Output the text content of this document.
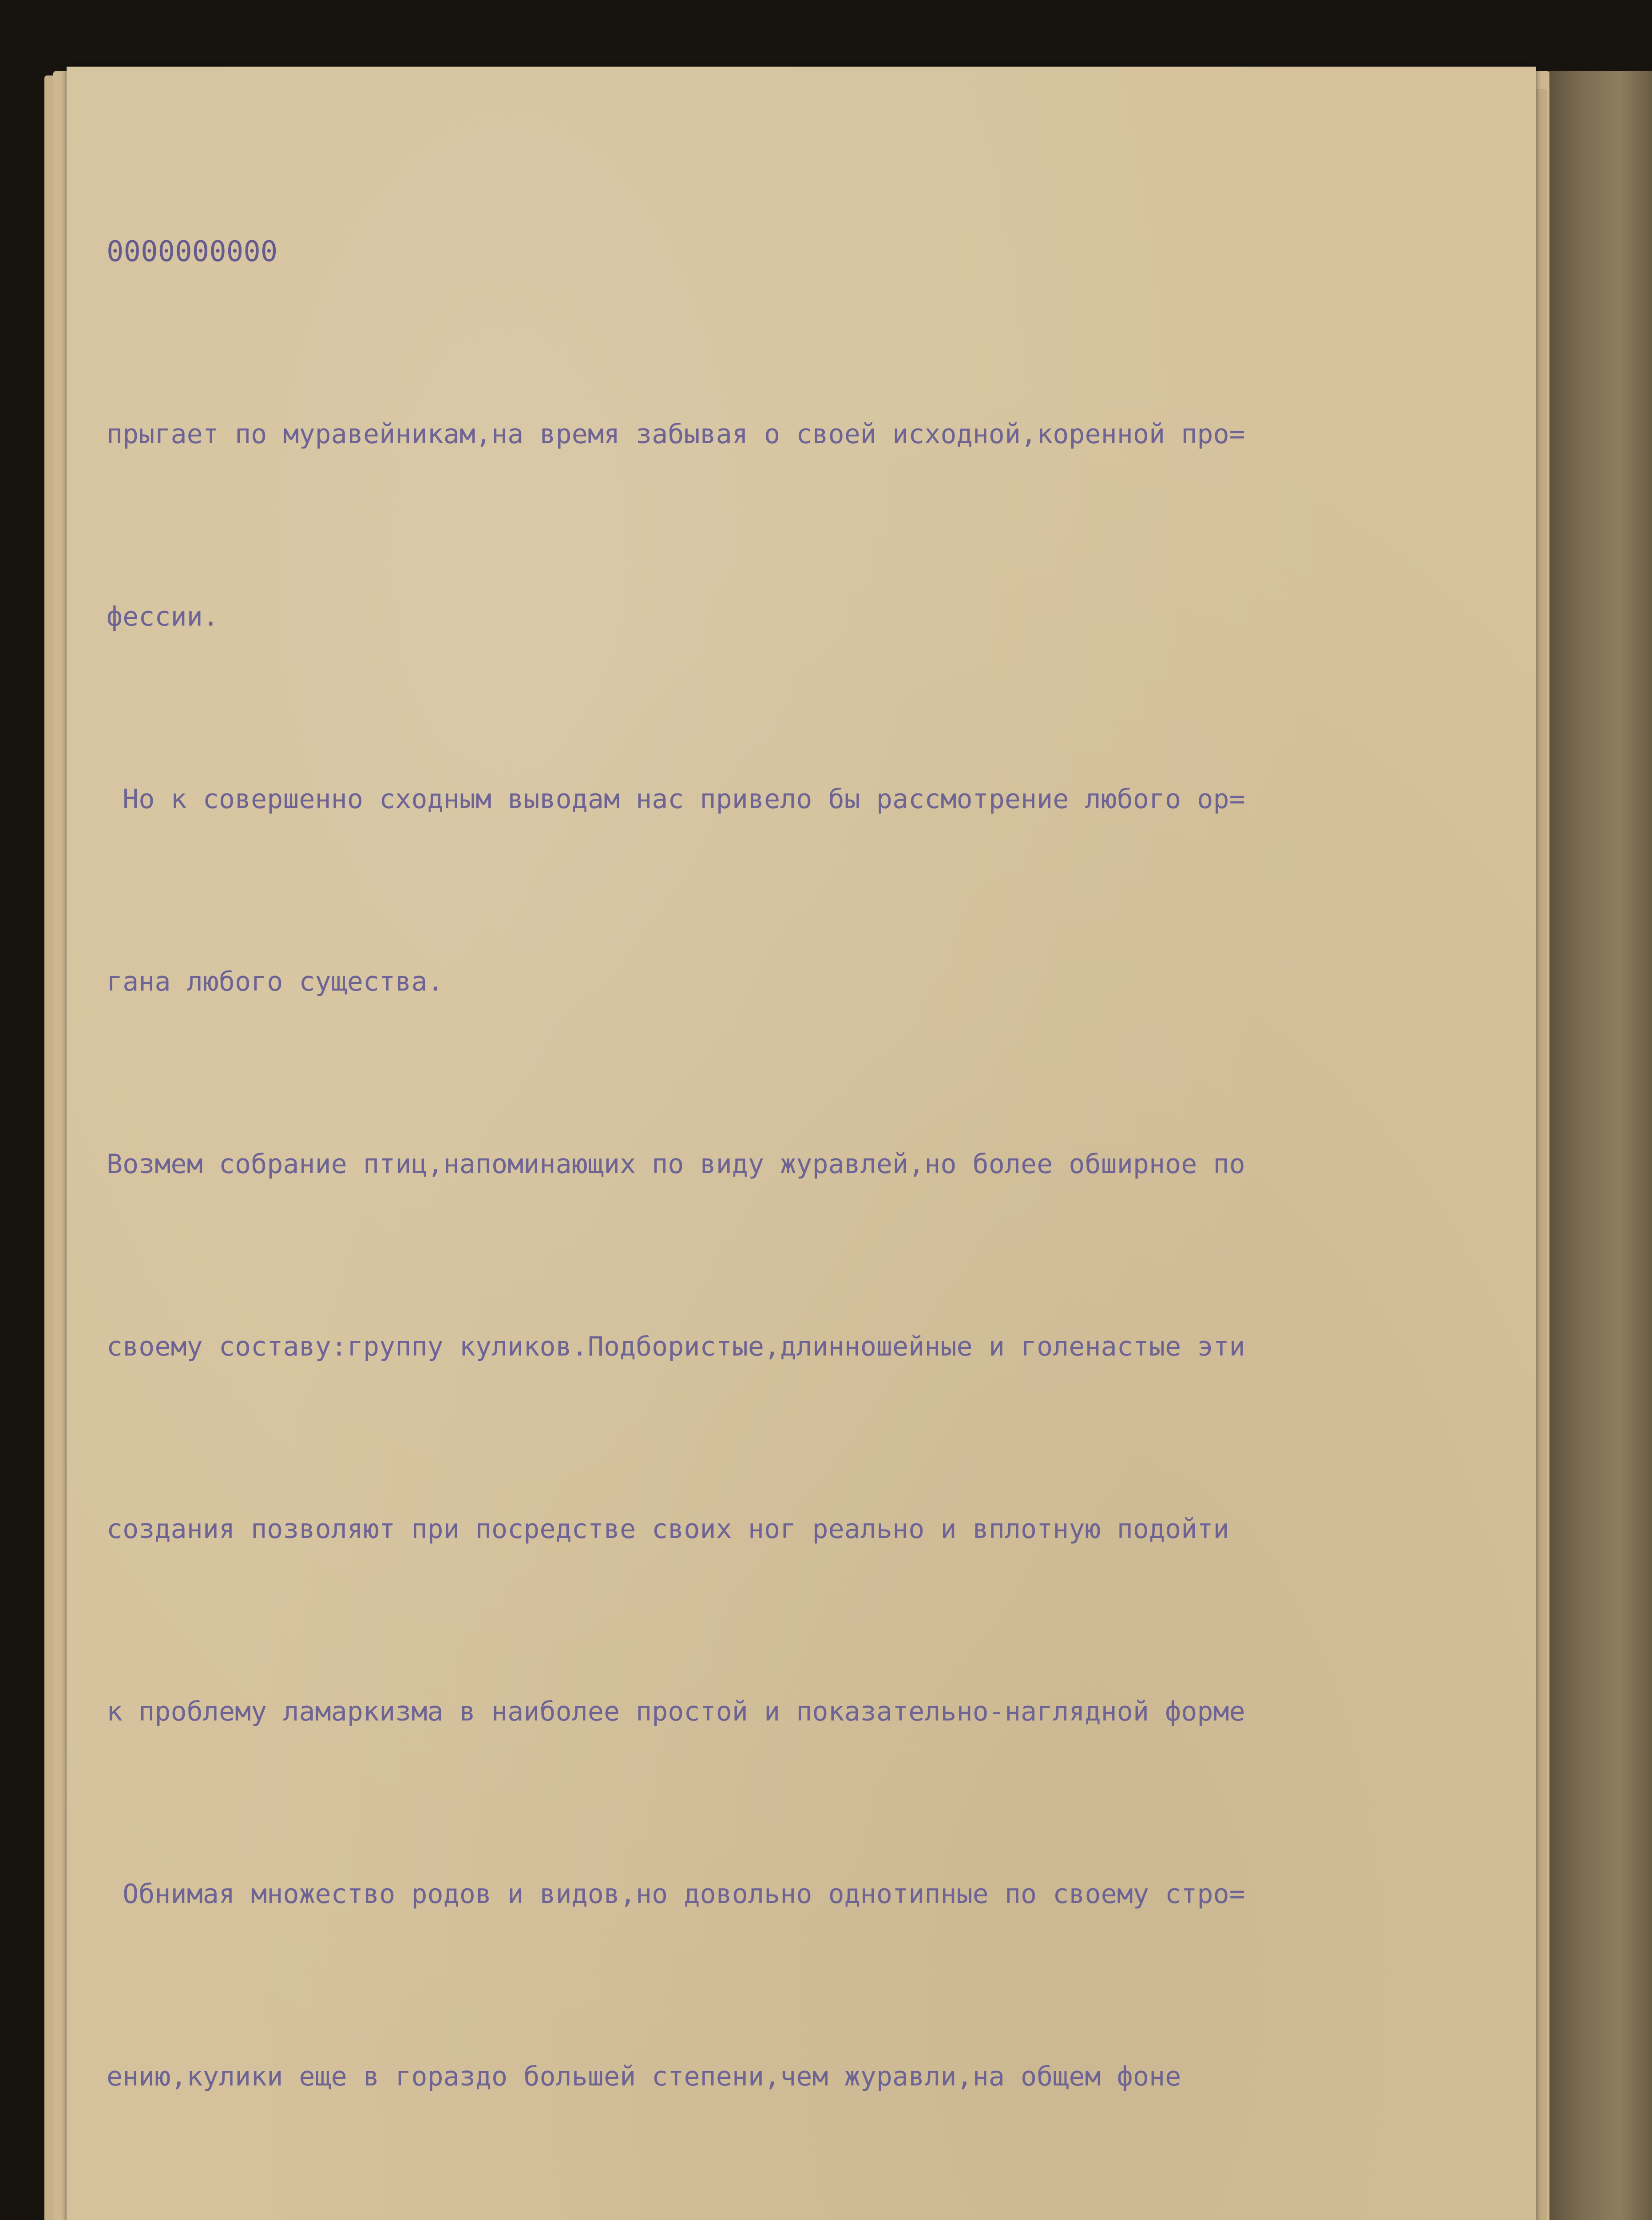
0000000000

прыгает по муравейникам,на время забывая о своей исходной,коренной про=

фессии.

Но к совершенно сходным выводам нас привело бы рассмотрение любого ор=

гана любого существа.

Возмем собрание птиц,напоминающих по виду журавлей,но более обширное по

своему составу:группу куликов.Подбористые,длинношейные и голенастые эти

создания позволяют при посредстве своих ног реально и вплотную подойти

к проблему ламаркизма в наиболее простой и показательно-наглядной форме

Обнимая множество родов и видов,но довольно однотипные по своему стро=

ению,кулики еще в гораздо большей степени,чем журавли,на общем фоне
